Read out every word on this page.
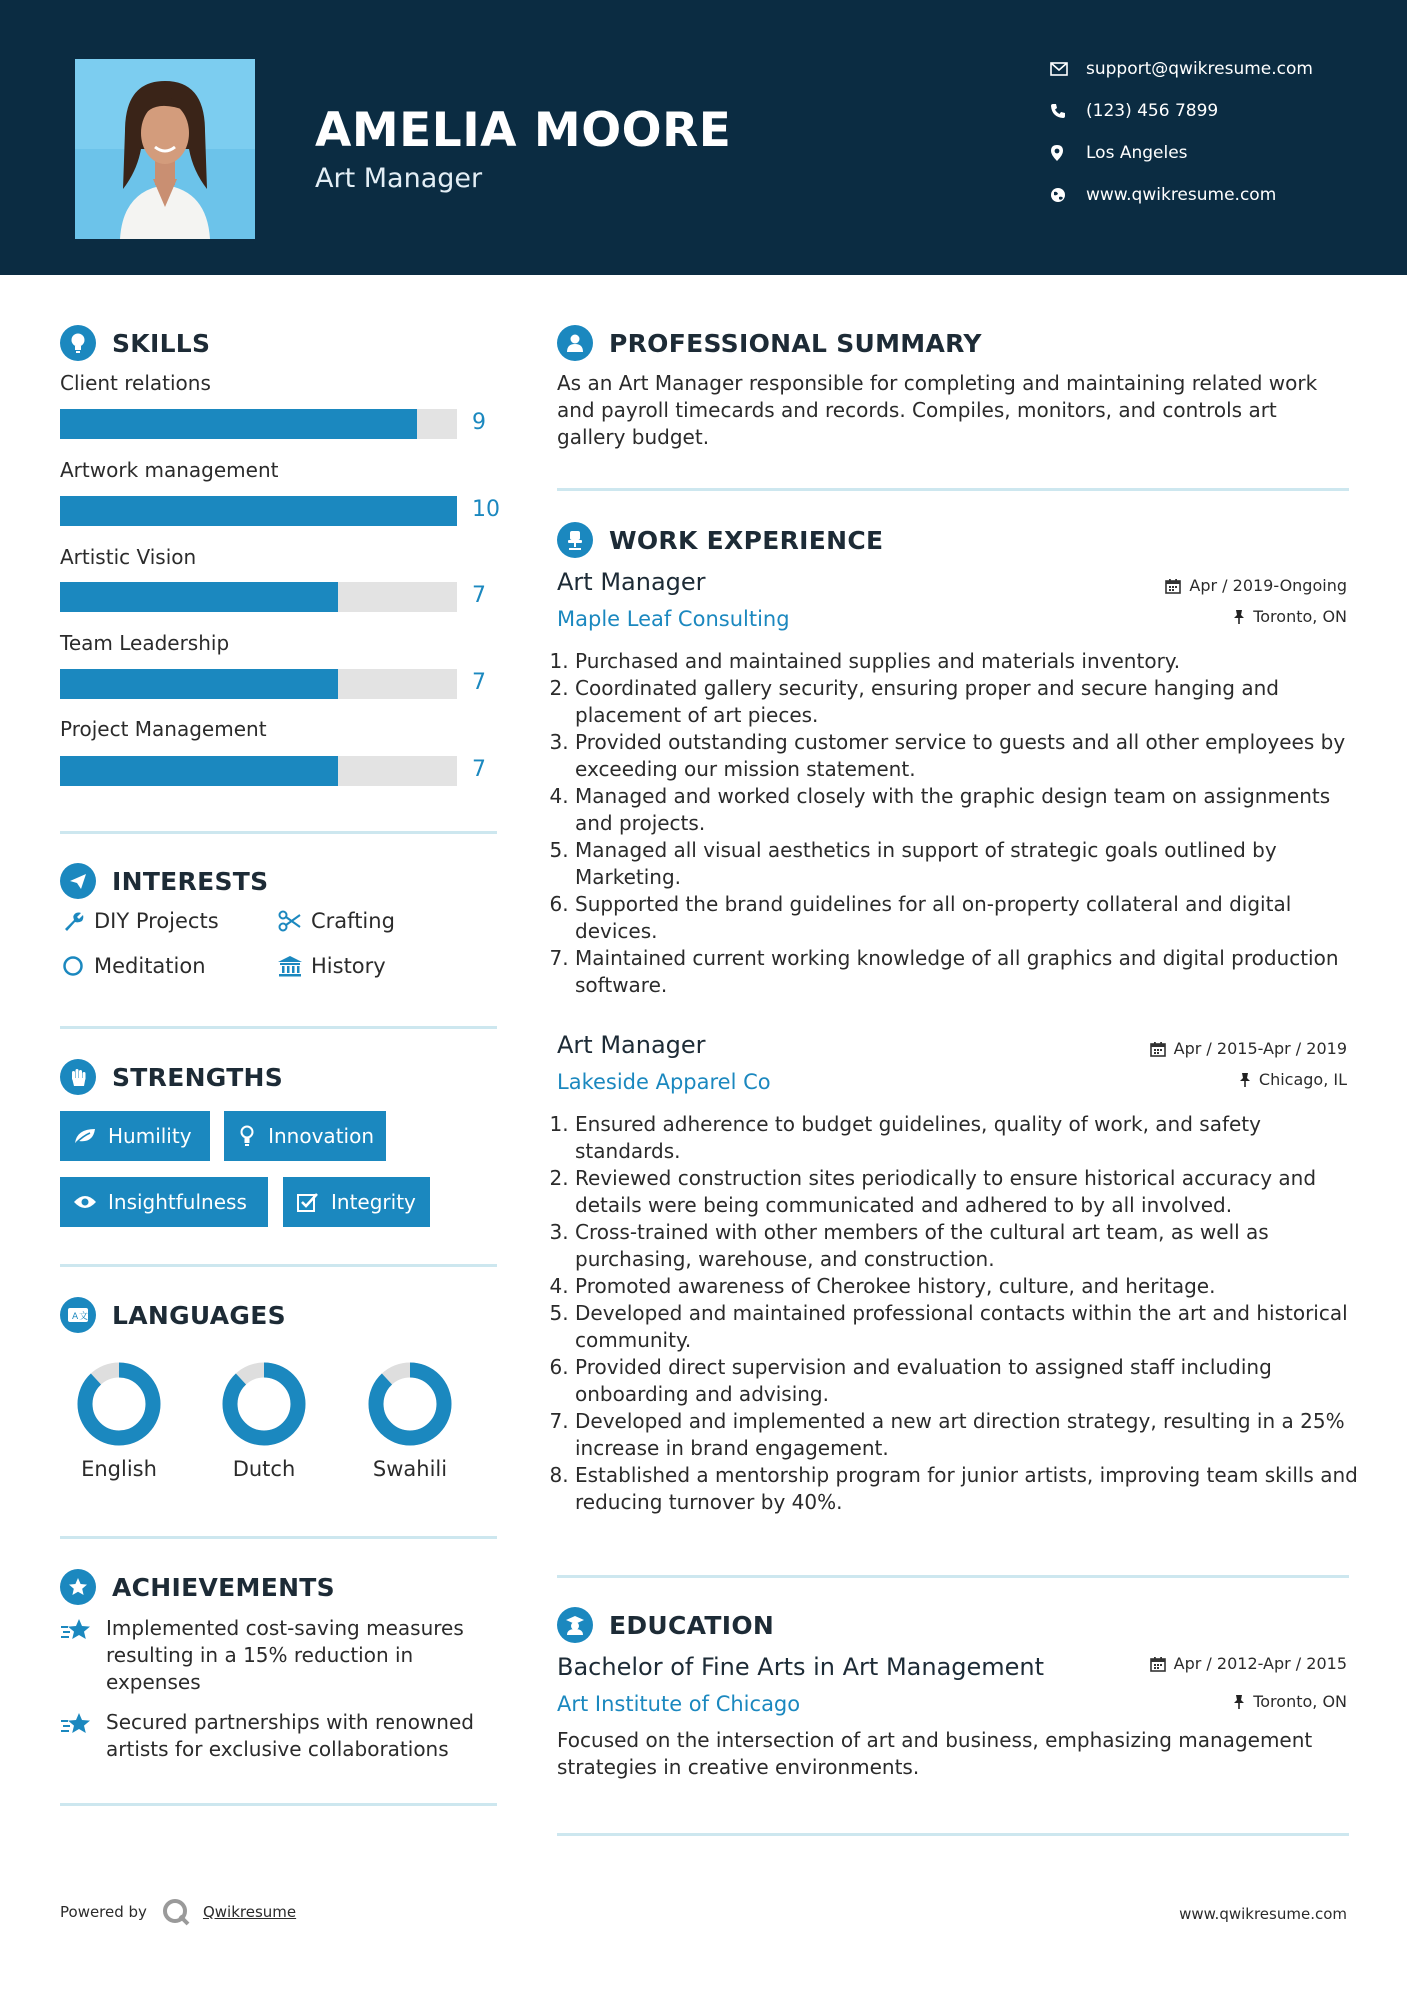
AMELIA MOORE
Art Manager
support@qwikresume.com
(123) 456 7899
Los Angeles
www.qwikresume.com
SKILLS
Client relations
9
Artwork management
10
Artistic Vision
7
Team Leadership
7
Project Management
7
INTERESTS
DIY Projects	Crafting
Meditation	History
STRENGTHS
Humility	Innovation
Insightfulness	Integrity
A 文 LANGUAGES
English	Dutch	Swahili
ACHIEVEMENTS
Implemented cost-saving measures resulting in a 15% reduction in expenses
Secured partnerships with renowned artists for exclusive collaborations
PROFESSIONAL SUMMARY
As an Art Manager responsible for completing and maintaining related work and payroll timecards and records. Compiles, monitors, and controls art gallery budget.
WORK EXPERIENCE
Art Manager
Maple Leaf Consulting
Apr / 2019-Ongoing
Toronto, ON
1. Purchased and maintained supplies and materials inventory.
2. Coordinated gallery security, ensuring proper and secure hanging and placement of art pieces.
3. Provided outstanding customer service to guests and all other employees by exceeding our mission statement.
4. Managed and worked closely with the graphic design team on assignments and projects.
5. Managed all visual aesthetics in support of strategic goals outlined by Marketing.
6. Supported the brand guidelines for all on-property collateral and digital devices.
7. Maintained current working knowledge of all graphics and digital production software.
Art Manager
Lakeside Apparel Co
Apr / 2015-Apr / 2019
Chicago, IL
1. Ensured adherence to budget guidelines, quality of work, and safety standards.
2. Reviewed construction sites periodically to ensure historical accuracy and details were being communicated and adhered to by all involved.
3. Cross-trained with other members of the cultural art team, as well as purchasing, warehouse, and construction.
4. Promoted awareness of Cherokee history, culture, and heritage.
5. Developed and maintained professional contacts within the art and historical community.
6. Provided direct supervision and evaluation to assigned staff including onboarding and advising.
7. Developed and implemented a new art direction strategy, resulting in a 25% increase in brand engagement.
8. Established a mentorship program for junior artists, improving team skills and reducing turnover by 40%.
EDUCATION
Bachelor of Fine Arts in Art Management
Art Institute of Chicago
Apr / 2012-Apr / 2015
Toronto, ON
Focused on the intersection of art and business, emphasizing management strategies in creative environments.
Powered by	Qwikresume	www.qwikresume.com
